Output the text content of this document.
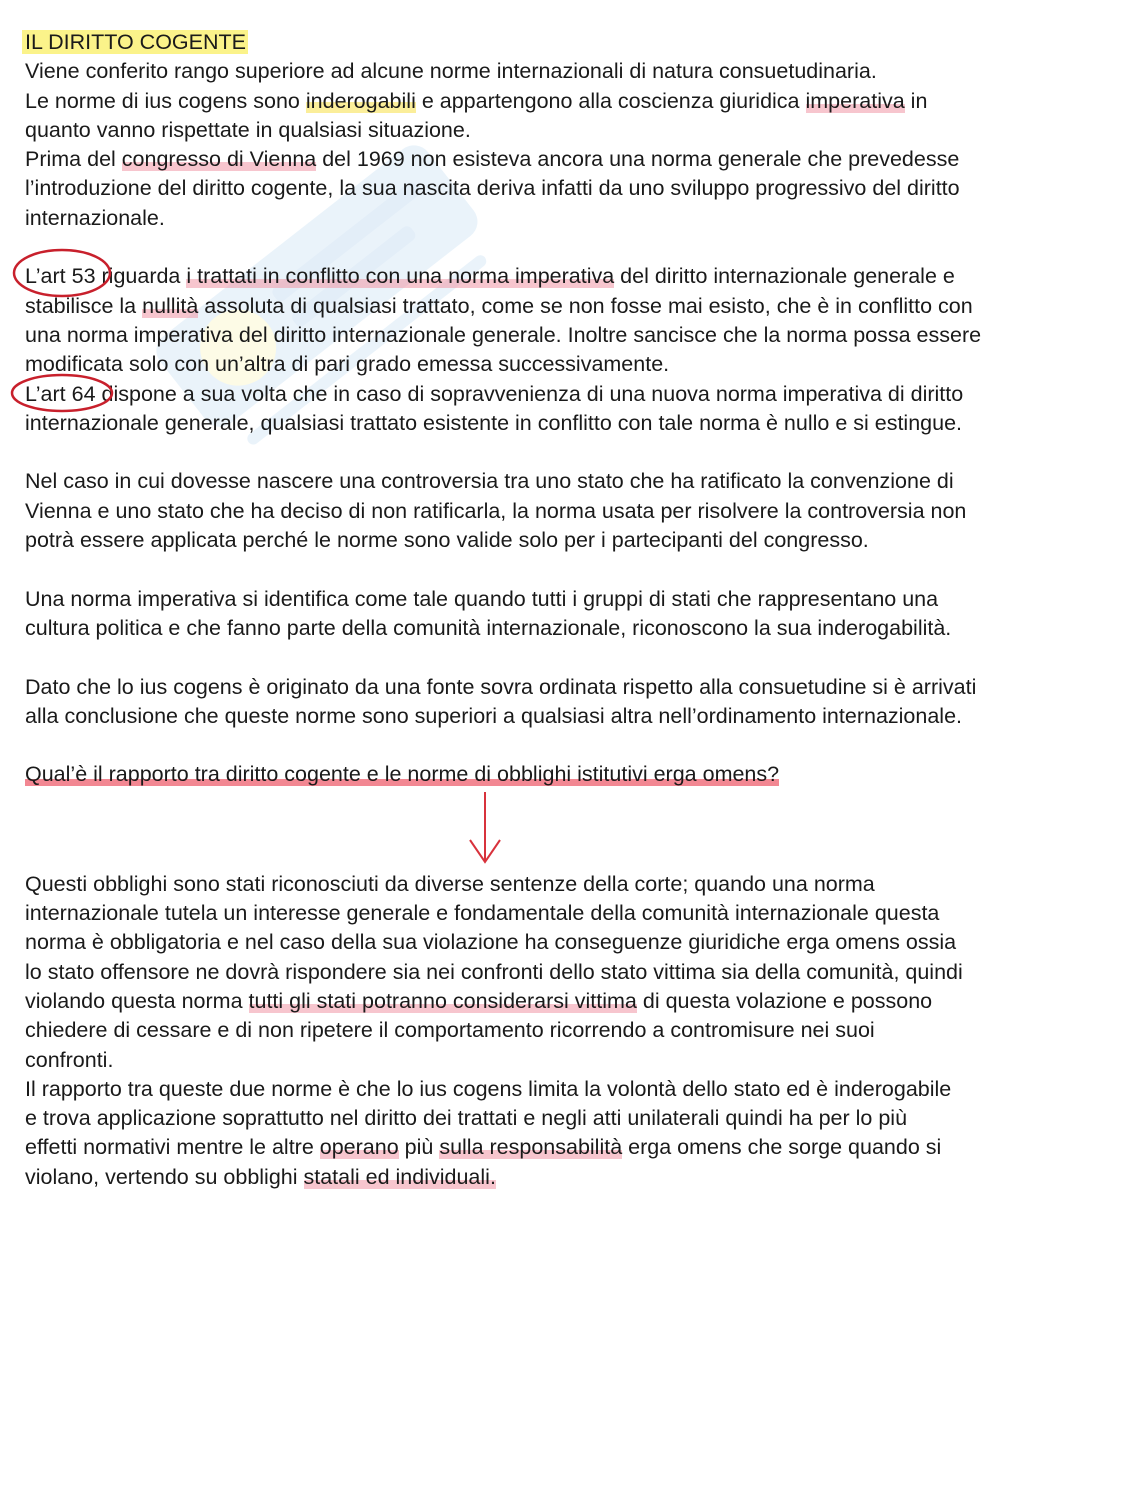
IL DIRITTO COGENTE

Viene conferito rango superiore ad alcune norme internazionali di natura consuetudinaria.

Le norme di ius cogens sono inderogabili e appartengono alla coscienza giuridica imperativa in

quanto vanno rispettate in qualsiasi situazione.

Prima del congresso di Vienna del 1969 non esisteva ancora una norma generale che prevedesse

l’introduzione del diritto cogente, la sua nascita deriva infatti da uno sviluppo progressivo del diritto

internazionale.

L’art 53 riguarda i trattati in conflitto con una norma imperativa del diritto internazionale generale e

stabilisce la nullità assoluta di qualsiasi trattato, come se non fosse mai esisto, che è in conflitto con

una norma imperativa del diritto internazionale generale. Inoltre sancisce che la norma possa essere

modificata solo con un’altra di pari grado emessa successivamente.

L’art 64 dispone a sua volta che in caso di sopravvenienza di una nuova norma imperativa di diritto

internazionale generale, qualsiasi trattato esistente in conflitto con tale norma è nullo e si estingue.

Nel caso in cui dovesse nascere una controversia tra uno stato che ha ratificato la convenzione di

Vienna e uno stato che ha deciso di non ratificarla, la norma usata per risolvere la controversia non

potrà essere applicata perché le norme sono valide solo per i partecipanti del congresso.

Una norma imperativa si identifica come tale quando tutti i gruppi di stati che rappresentano una

cultura politica e che fanno parte della comunità internazionale, riconoscono la sua inderogabilità.

Dato che lo ius cogens è originato da una fonte sovra ordinata rispetto alla consuetudine si è arrivati

alla conclusione che queste norme sono superiori a qualsiasi altra nell’ordinamento internazionale.

Qual’è il rapporto tra diritto cogente e le norme di obblighi istitutivi erga omens?

Questi obblighi sono stati riconosciuti da diverse sentenze della corte; quando una norma

internazionale tutela un interesse generale e fondamentale della comunità internazionale questa

norma è obbligatoria e nel caso della sua violazione ha conseguenze giuridiche erga omens ossia

lo stato offensore ne dovrà rispondere sia nei confronti dello stato vittima sia della comunità, quindi

violando questa norma tutti gli stati potranno considerarsi vittima di questa volazione e possono

chiedere di cessare e di non ripetere il comportamento ricorrendo a contromisure nei suoi

confronti.

Il rapporto tra queste due norme è che lo ius cogens limita la volontà dello stato ed è inderogabile

e trova applicazione soprattutto nel diritto dei trattati e negli atti unilaterali quindi ha per lo più

effetti normativi mentre le altre operano più sulla responsabilità erga omens che sorge quando si

violano, vertendo su obblighi statali ed individuali.
